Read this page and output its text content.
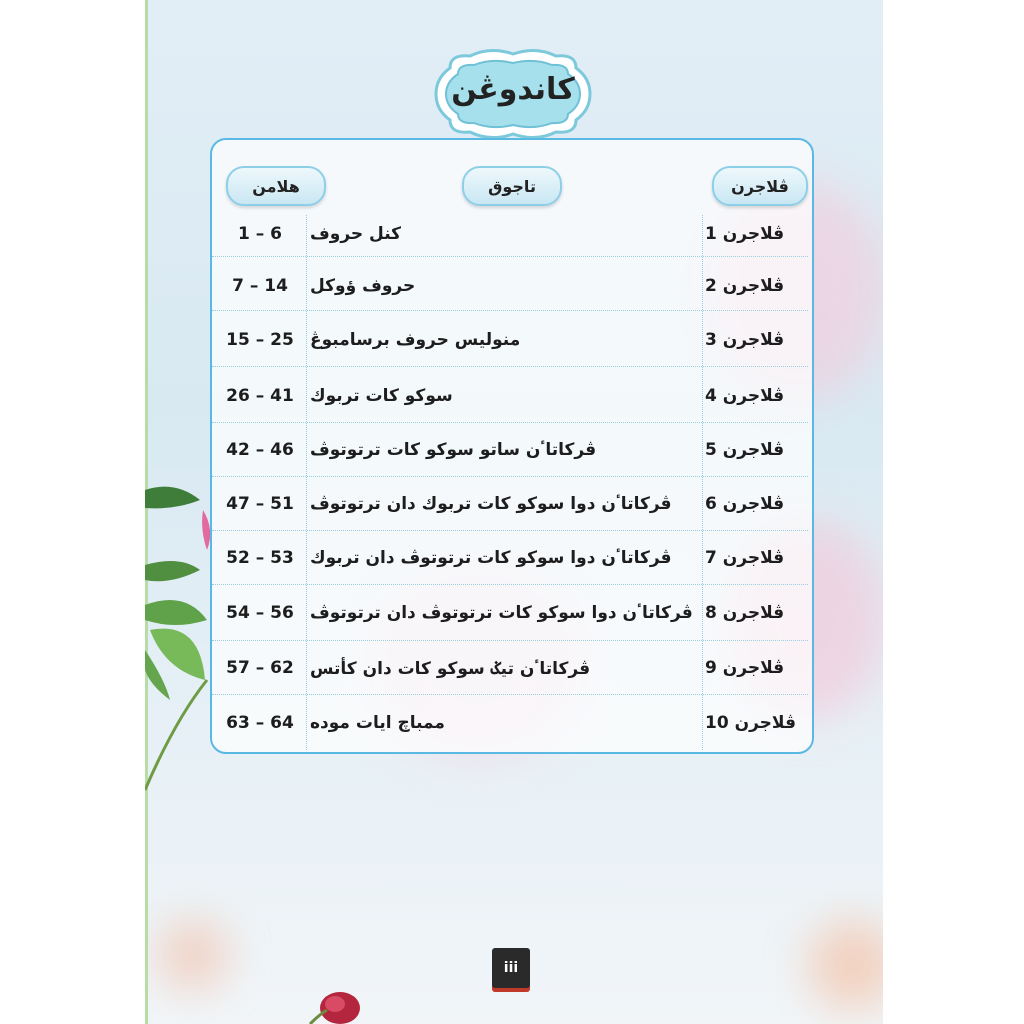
كاندوڠن
ڤلاجرن
تاجوق
هلامن
ڤلاجرن 1
كنل حروف
1 – 6
ڤلاجرن 2
حروف ؤوكل
7 – 14
ڤلاجرن 3
منوليس حروف برسامبوڠ
15 – 25
ڤلاجرن 4
سوكو كات تربوك
26 – 41
ڤلاجرن 5
ڤركاتاٴن ساتو سوكو كات ترتوتوڤ
42 – 46
ڤلاجرن 6
ڤركاتاٴن دوا سوكو كات تربوك دان ترتوتوڤ
47 – 51
ڤلاجرن 7
ڤركاتاٴن دوا سوكو كات ترتوتوڤ دان تربوك
52 – 53
ڤلاجرن 8
ڤركاتاٴن دوا سوكو كات ترتوتوڤ دان ترتوتوڤ
54 – 56
ڤلاجرن 9
ڤركاتاٴن تيݢ سوكو كات دان كأتس
57 – 62
ڤلاجرن 10
ممباچ ايات موده
63 – 64
iii
